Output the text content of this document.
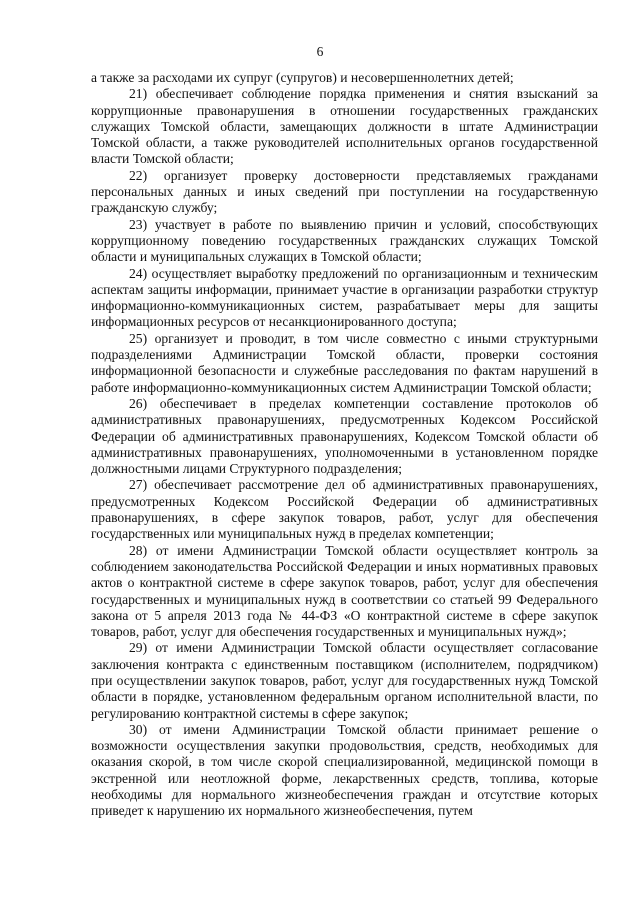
6

а также за расходами их супруг (супругов) и несовершеннолетних детей;

21) обеспечивает соблюдение порядка применения и снятия взысканий за коррупционные правонарушения в отношении государственных гражданских служащих Томской области, замещающих должности в штате Администрации Томской области, а также руководителей исполнительных органов государственной власти Томской области;

22) организует проверку достоверности представляемых гражданами персональных данных и иных сведений при поступлении на государственную гражданскую службу;

23) участвует в работе по выявлению причин и условий, способствующих коррупционному поведению государственных гражданских служащих Томской области и муниципальных служащих в Томской области;

24) осуществляет выработку предложений по организационным и техническим аспектам защиты информации, принимает участие в организации разработки структур информационно-коммуникационных систем, разрабатывает меры для защиты информационных ресурсов от несанкционированного доступа;

25) организует и проводит, в том числе совместно с иными структурными подразделениями Администрации Томской области, проверки состояния информационной безопасности и служебные расследования по фактам нарушений в работе информационно-коммуникационных систем Администрации Томской области;

26) обеспечивает в пределах компетенции составление протоколов об административных правонарушениях, предусмотренных Кодексом Российской Федерации об административных правонарушениях, Кодексом Томской области об административных правонарушениях, уполномоченными в установленном порядке должностными лицами Структурного подразделения;

27) обеспечивает рассмотрение дел об административных правонарушениях, предусмотренных Кодексом Российской Федерации об административных правонарушениях, в сфере закупок товаров, работ, услуг для обеспечения государственных или муниципальных нужд в пределах компетенции;

28) от имени Администрации Томской области осуществляет контроль за соблюдением законодательства Российской Федерации и иных нормативных правовых актов о контрактной системе в сфере закупок товаров, работ, услуг для обеспечения государственных и муниципальных нужд в соответствии со статьей 99 Федерального закона от 5 апреля 2013 года № 44-ФЗ «О контрактной системе в сфере закупок товаров, работ, услуг для обеспечения государственных и муниципальных нужд»;

29) от имени Администрации Томской области осуществляет согласование заключения контракта с единственным поставщиком (исполнителем, подрядчиком) при осуществлении закупок товаров, работ, услуг для государственных нужд Томской области в порядке, установленном федеральным органом исполнительной власти, по регулированию контрактной системы в сфере закупок;

30) от имени Администрации Томской области принимает решение о возможности осуществления закупки продовольствия, средств, необходимых для оказания скорой, в том числе скорой специализированной, медицинской помощи в экстренной или неотложной форме, лекарственных средств, топлива, которые необходимы для нормального жизнеобеспечения граждан и отсутствие которых приведет к нарушению их нормального жизнеобеспечения, путем
